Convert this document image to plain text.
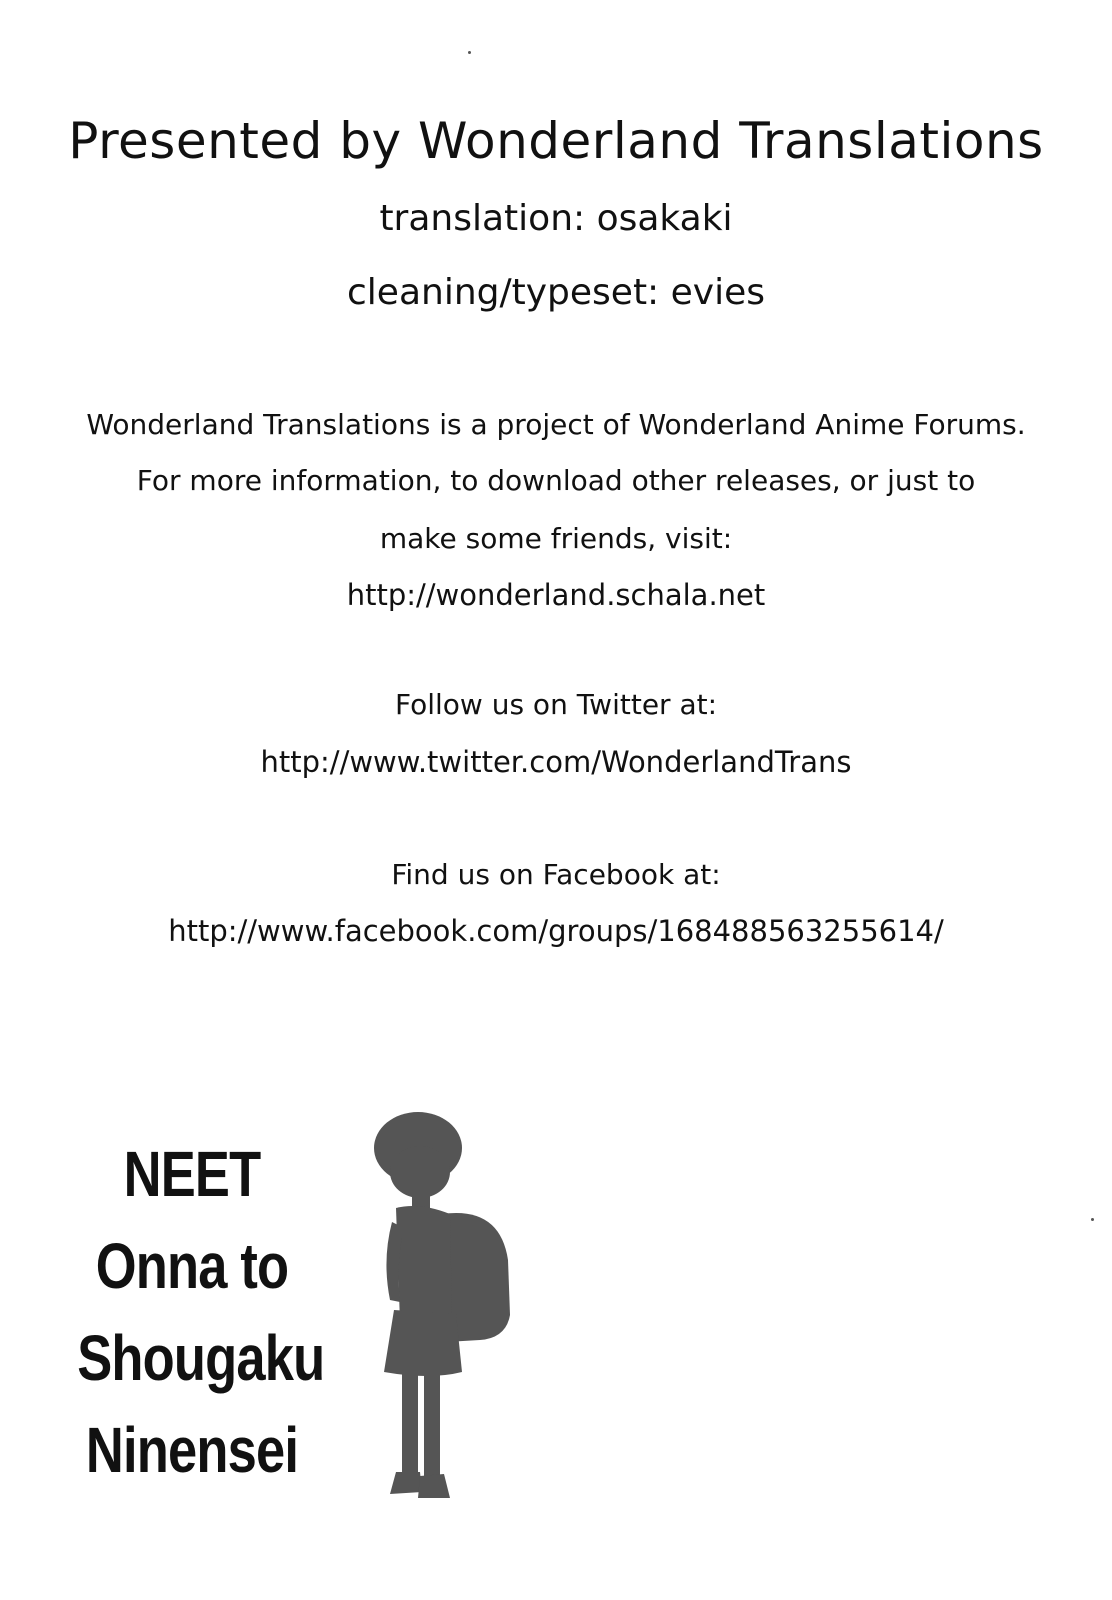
Presented by Wonderland Translations
translation: osakaki
cleaning/typeset: evies
Wonderland Translations is a project of Wonderland Anime Forums.
For more information, to download other releases, or just to
make some friends, visit:
http://wonderland.schala.net
Follow us on Twitter at:
http://www.twitter.com/WonderlandTrans
Find us on Facebook at:
http://www.facebook.com/groups/168488563255614/
NEET
Onna to
Shougaku
Ninensei
